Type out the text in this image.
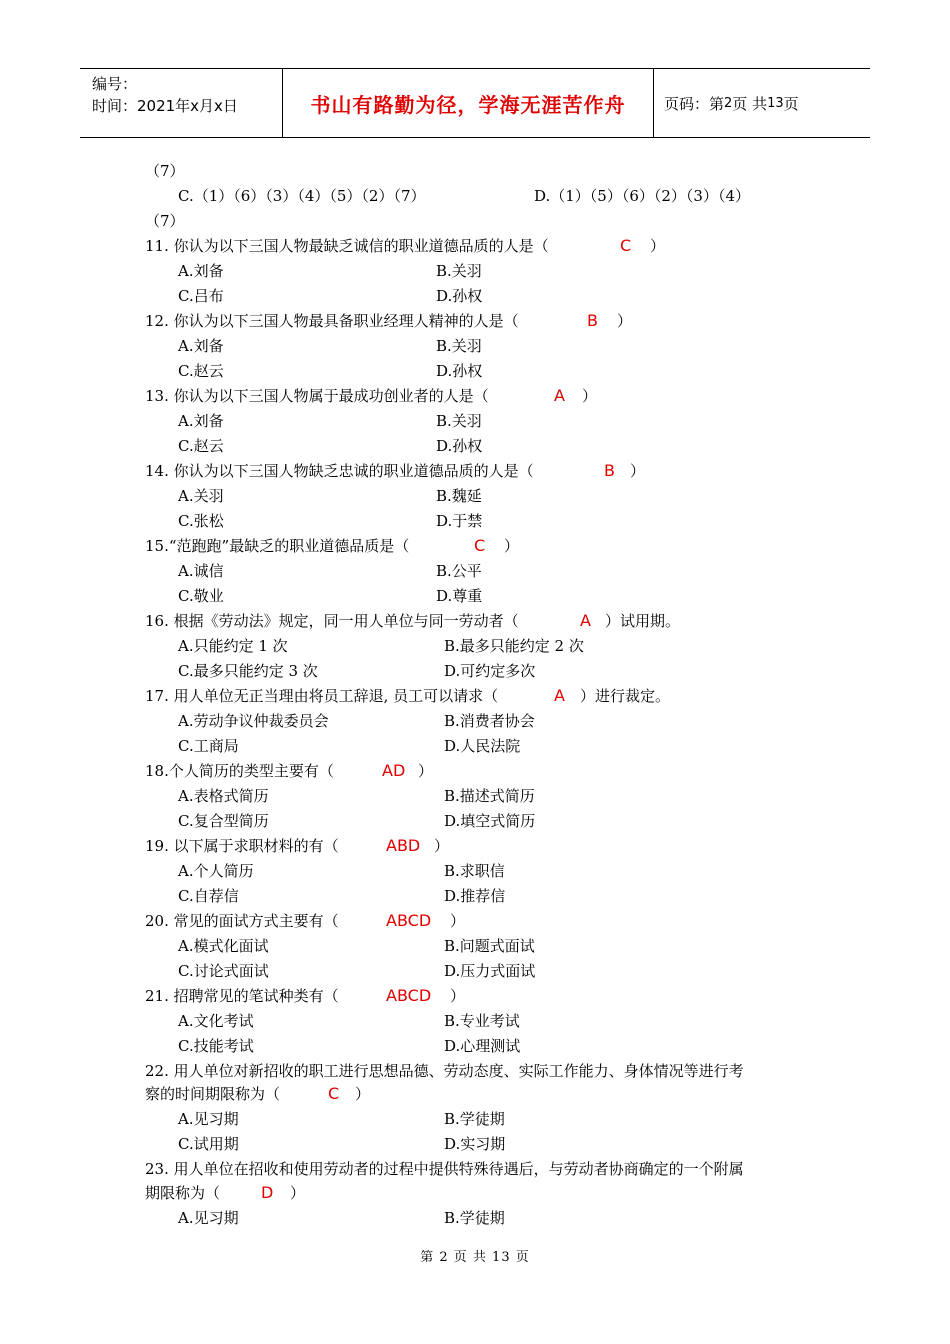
编号：
时间：2021年x月x日	书山有路勤为径，学海无涯苦作舟	页码：第 2 页 共 13 页
（7）
C.（1）（6）（3）（4）（5）（2）（7）	D.（1）（5）（6）（2）（3）（4）
（7）
11. 你认为以下三国人物最缺乏诚信的职业道德品质的人是（	C ）
A.刘备	B.关羽
C.吕布	D.孙权
12. 你认为以下三国人物最具备职业经理人精神的人是（	B ）
A.刘备	B.关羽
C.赵云	D.孙权
13. 你认为以下三国人物属于最成功创业者的人是（	A ）
A.刘备	B.关羽
C.赵云	D.孙权
14. 你认为以下三国人物缺乏忠诚的职业道德品质的人是（	B ）
A.关羽	B.魏延
C.张松	D.于禁
15.“范跑跑”最缺乏的职业道德品质是（	C ）
A.诚信	B.公平
C.敬业	D.尊重
16. 根据《劳动法》规定，同一用人单位与同一劳动者（	A ）试用期。
A.只能约定 1 次	B.最多只能约定 2 次
C.最多只能约定 3 次	D.可约定多次
17. 用人单位无正当理由将员工辞退, 员工可以请求（	A ）进行裁定。
A.劳动争议仲裁委员会	B.消费者协会
C.工商局	D.人民法院
18.个人简历的类型主要有（	AD ）
A.表格式简历	B.描述式简历
C.复合型简历	D.填空式简历
19. 以下属于求职材料的有（	ABD ）
A.个人简历	B.求职信
C.自荐信	D.推荐信
20. 常见的面试方式主要有（	ABCD ）
A.模式化面试	B.问题式面试
C.讨论式面试	D.压力式面试
21. 招聘常见的笔试种类有（	ABCD ）
A.文化考试	B.专业考试
C.技能考试	D.心理测试
22. 用人单位对新招收的职工进行思想品德、劳动态度、实际工作能力、身体情况等进行考
察的时间期限称为（	C ）
A.见习期	B.学徒期
C.试用期	D.实习期
23. 用人单位在招收和使用劳动者的过程中提供特殊待遇后，与劳动者协商确定的一个附属
期限称为（	D ）
A.见习期	B.学徒期
第 2 页 共 13 页
